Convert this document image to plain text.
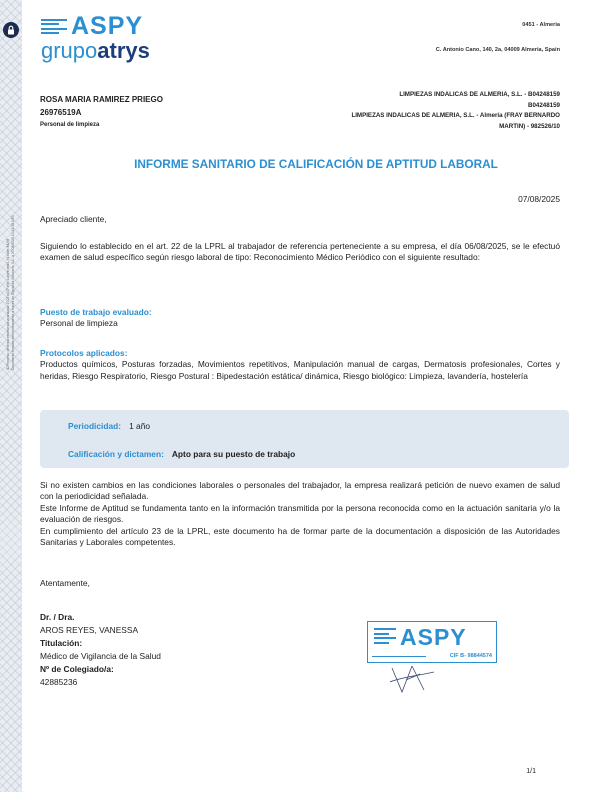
ID Proceso: de firma electrónica avanzada: 7002 e207 e5e 1 dbee bed0-74 cd9e 4429f Documento firmado electrónicamente a través de Signaturit Solutions, S.L. a 07/08/2025 10:23:18 UTC
ASPY
grupoatrys
0451 - Almeria
C. Antonio Cano, 140, 2a, 04009 Almeria, Spain
ROSA MARIA RAMIREZ PRIEGO
26976519A
Personal de limpieza
LIMPIEZAS INDALICAS DE ALMERIA, S.L. - B04248159
B04248159
LIMPIEZAS INDALICAS DE ALMERIA, S.L. - Almería (FRAY BERNARDO
MARTIN) - 982526/10
INFORME SANITARIO DE CALIFICACIÓN DE APTITUD LABORAL
07/08/2025
Apreciado cliente,
Siguiendo lo establecido en el art. 22 de la LPRL al trabajador de referencia perteneciente a su empresa, el día 06/08/2025, se le efectuó examen de salud específico según riesgo laboral de tipo: Reconocimiento Médico Periódico con el siguiente resultado:
Puesto de trabajo evaluado:
Personal de limpieza
Protocolos aplicados:
Productos químicos, Posturas forzadas, Movimientos repetitivos, Manipulación manual de cargas, Dermatosis profesionales, Cortes y heridas, Riesgo Respiratorio, Riesgo Postural : Bipedestación estática/ dinámica, Riesgo biológico: Limpieza, lavandería, hostelería
Periodicidad: 1 año
Calificación y dictamen: Apto para su puesto de trabajo
Si no existen cambios en las condiciones laborales o personales del trabajador, la empresa realizará petición de nuevo examen de salud con la periodicidad señalada.
Este Informe de Aptitud se fundamenta tanto en la información transmitida por la persona reconocida como en la actuación sanitaria y/o la evaluación de riesgos.
En cumplimiento del artículo 23 de la LPRL, este documento ha de formar parte de la documentación a disposición de las Autoridades Sanitarias y Laborales competentes.
Atentamente,
Dr. / Dra.
AROS REYES, VANESSA
Titulación:
Médico de Vigilancia de la Salud
Nº de Colegiado/a:
42885236
ASPY
CIF B- 98844574
1/1
